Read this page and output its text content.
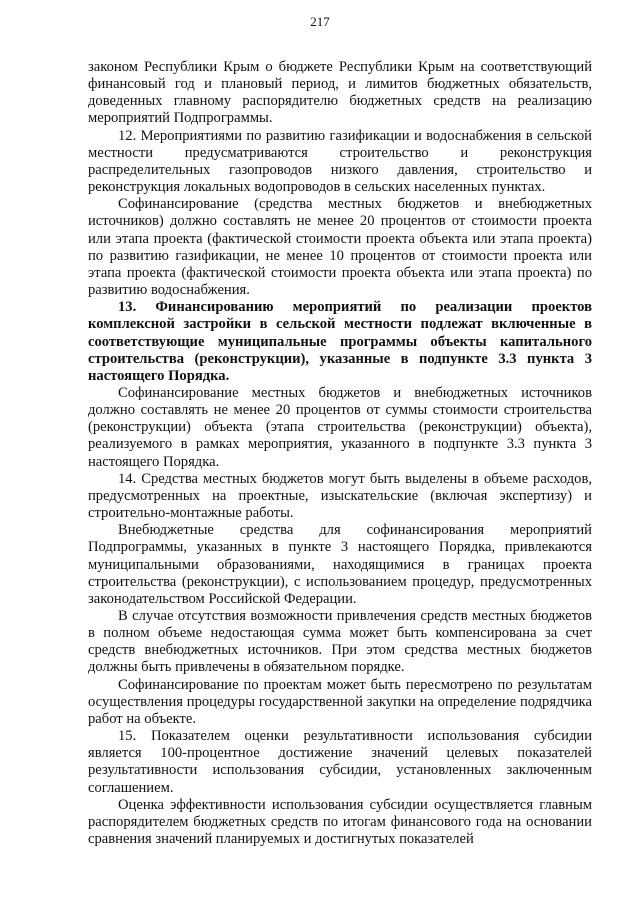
217

законом Республики Крым о бюджете Республики Крым на соответствующий финансовый год и плановый период, и лимитов бюджетных обязательств, доведенных главному распорядителю бюджетных средств на реализацию мероприятий Подпрограммы.

12. Мероприятиями по развитию газификации и водоснабжения в сельской местности предусматриваются строительство и реконструкция распределительных газопроводов низкого давления, строительство и реконструкция локальных водопроводов в сельских населенных пунктах.

Софинансирование (средства местных бюджетов и внебюджетных источников) должно составлять не менее 20 процентов от стоимости проекта или этапа проекта (фактической стоимости проекта объекта или этапа проекта) по развитию газификации, не менее 10 процентов от стоимости проекта или этапа проекта (фактической стоимости проекта объекта или этапа проекта) по развитию водоснабжения.

13. Финансированию мероприятий по реализации проектов комплексной застройки в сельской местности подлежат включенные в соответствующие муниципальные программы объекты капитального строительства (реконструкции), указанные в подпункте 3.3 пункта 3 настоящего Порядка.

Софинансирование местных бюджетов и внебюджетных источников должно составлять не менее 20 процентов от суммы стоимости строительства (реконструкции) объекта (этапа строительства (реконструкции) объекта), реализуемого в рамках мероприятия, указанного в подпункте 3.3 пункта 3 настоящего Порядка.

14. Средства местных бюджетов могут быть выделены в объеме расходов, предусмотренных на проектные, изыскательские (включая экспертизу) и строительно-монтажные работы.

Внебюджетные средства для софинансирования мероприятий Подпрограммы, указанных в пункте 3 настоящего Порядка, привлекаются муниципальными образованиями, находящимися в границах проекта строительства (реконструкции), с использованием процедур, предусмотренных законодательством Российской Федерации.

В случае отсутствия возможности привлечения средств местных бюджетов в полном объеме недостающая сумма может быть компенсирована за счет средств внебюджетных источников. При этом средства местных бюджетов должны быть привлечены в обязательном порядке.

Софинансирование по проектам может быть пересмотрено по результатам осуществления процедуры государственной закупки на определение подрядчика работ на объекте.

15. Показателем оценки результативности использования субсидии является 100-процентное достижение значений целевых показателей результативности использования субсидии, установленных заключенным соглашением.

Оценка эффективности использования субсидии осуществляется главным распорядителем бюджетных средств по итогам финансового года на основании сравнения значений планируемых и достигнутых показателей
